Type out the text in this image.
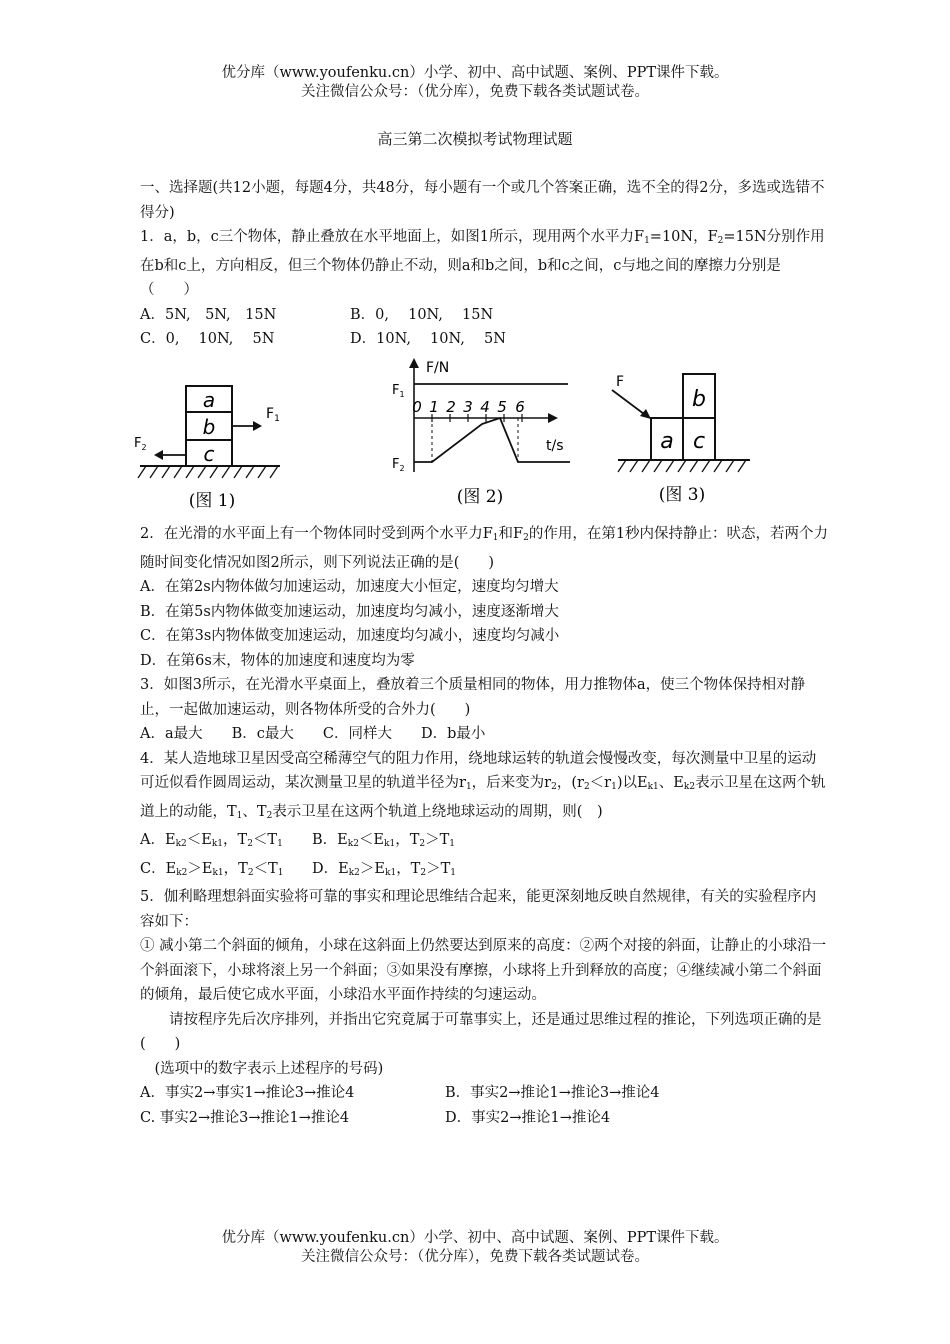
优分库（www.youfenku.cn）小学、初中、高中试题、案例、PPT课件下载。
关注微信公众号：（优分库），免费下载各类试题试卷。
高三第二次模拟考试物理试题

一、选择题(共12小题，每题4分，共48分，每小题有一个或几个答案正确，选不全的得2分，多选或选错不得分)

1．a，b，c三个物体，静止叠放在水平地面上，如图1所示，现用两个水平力$F_1=10N$，$F_2=15N$分别作用在b和c上，方向相反，但三个物体仍静止不动，则a和b之间，b和c之间，c与地之间的摩擦力分别是　　（　　）

A．5N,　5N,　15N	B．0,　 10N,　 15N
C．0,　 10N,　 5N	D．10N,　 10N,　 5N
a
b
c
$F_1$
$F_2$
(图 1)
F/N
t/s
$F_1$
$F_2$
0 1 2 3 4 5 6
(图 2)
a c
b
F
(图 3)

2．在光滑的水平面上有一个物体同时受到两个水平力$F_1$和$F_2$的作用，在第1秒内保持静止：吠态，若两个力随时间变化情况如图2所示，则下列说法正确的是(　　)

A．在第2s内物体做匀加速运动，加速度大小恒定，速度均匀增大

B．在第5s内物体做变加速运动，加速度均匀减小，速度逐渐增大

C．在第3s内物体做变加速运动，加速度均匀减小，速度均匀减小

D．在第6s末，物体的加速度和速度均为零

3．如图3所示，在光滑水平桌面上，叠放着三个质量相同的物体，用力推物体a，使三个物体保持相对静止，一起做加速运动，则各物体所受的合外力(　　)

A．a最大　　B．c最大　　C．同样大　　D．b最小

4．某人造地球卫星因受高空稀薄空气的阻力作用，绕地球运转的轨道会慢慢改变，每次测量中卫星的运动可近似看作圆周运动，某次测量卫星的轨道半径为$r_1$，后来变为$r_2$，$(r_2<r_1)$以$E_{k1}$、$E_{k2}$表示卫星在这两个轨道上的动能，$T_1$、$T_2$表示卫星在这两个轨道上绕地球运动的周期，则(　)

A．$E_{k2}<E_{k1}$，$T_2<T_1$	B．$E_{k2}<E_{k1}$，$T_2>T_1$
C．$E_{k2}>E_{k1}$，$T_2<T_1$	D．$E_{k2}>E_{k1}$，$T_2>T_1$

5．伽利略理想斜面实验将可靠的事实和理论思维结合起来，能更深刻地反映自然规律，有关的实验程序内容如下：

① 减小第二个斜面的倾角，小球在这斜面上仍然要达到原来的高度：②两个对接的斜面，让静止的小球沿一个斜面滚下，小球将滚上另一个斜面；③如果没有摩擦，小球将上升到释放的高度；④继续减小第二个斜面的倾角，最后使它成水平面，小球沿水平面作持续的匀速运动。

请按程序先后次序排列，并指出它究竟属于可靠事实上，还是通过思维过程的推论，下列选项正确的是(　　)

　(选项中的数字表示上述程序的号码)

A．事实2→事实1→推论3→推论4	B．事实2→推论1→推论3→推论4
C. 事实2→推论3→推论1→推论4	D．事实2→推论1→推论4
优分库（www.youfenku.cn）小学、初中、高中试题、案例、PPT课件下载。
关注微信公众号：（优分库），免费下载各类试题试卷。
